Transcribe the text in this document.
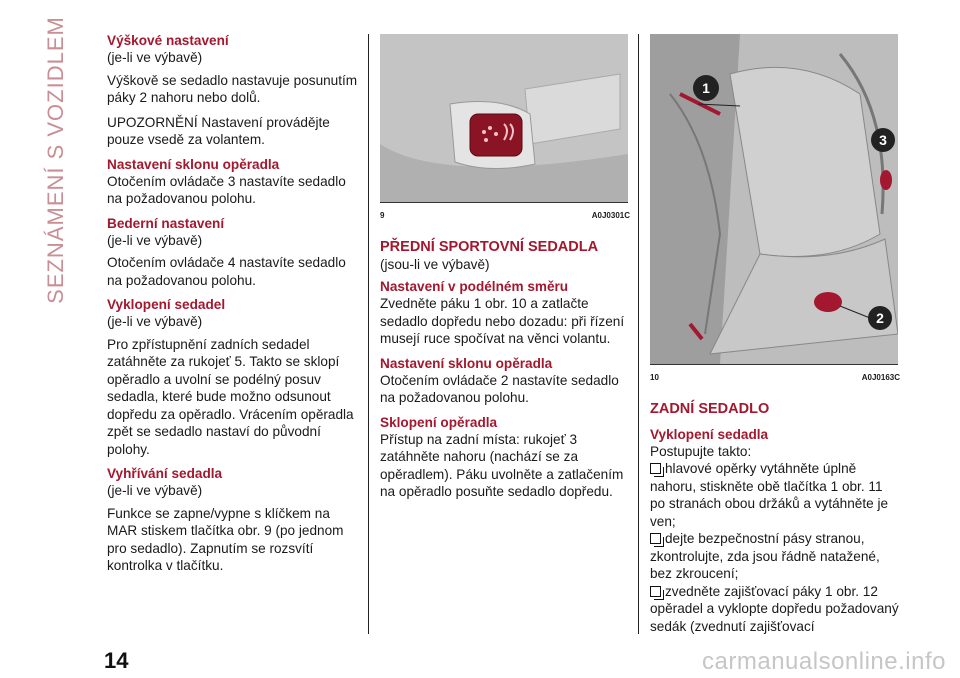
SEZNÁMENÍ S VOZIDLEM	Výškové nastavení

(je-li ve výbavě)

Výškově se sedadlo nastavuje posunutím páky 2 nahoru nebo dolů.

UPOZORNĚNÍ Nastavení provádějte pouze vsedě za volantem.

Nastavení sklonu opěradla

Otočením ovládače 3 nastavíte sedadlo na požadovanou polohu.

Bederní nastavení

(je-li ve výbavě)

Otočením ovládače 4 nastavíte sedadlo na požadovanou polohu.

Vyklopení sedadel

(je-li ve výbavě)

Pro zpřístupnění zadních sedadel zatáhněte za rukojeť 5. Takto se sklopí opěradlo a uvolní se podélný posuv sedadla, které bude možno odsunout dopředu za opěradlo. Vrácením opěradla zpět se sedadlo nastaví do původní polohy.

Vyhřívání sedadla

(je-li ve výbavě)

Funkce se zapne/vypne s klíčkem na MAR stiskem tlačítka obr. 9 (po jednom pro sedadlo). Zapnutím se rozsvítí kontrolka v tlačítku.

9	A0J0301C

PŘEDNÍ SPORTOVNÍ SEDADLA

(jsou-li ve výbavě)

Nastavení v podélném směru

Zvedněte páku 1 obr. 10 a zatlačte sedadlo dopředu nebo dozadu: při řízení musejí ruce spočívat na věnci volantu.

Nastavení sklonu opěradla

Otočením ovládače 2 nastavíte sedadlo na požadovanou polohu.

Sklopení opěradla

Přístup na zadní místa: rukojeť 3 zatáhněte nahoru (nachází se za opěradlem). Páku uvolněte a zatlačením na opěradlo posuňte sedadlo dopředu.

1
3
2
10	A0J0163C

ZADNÍ SEDADLO

Vyklopení sedadla

Postupujte takto:

hlavové opěrky vytáhněte úplně nahoru, stiskněte obě tlačítka 1 obr. 11 po stranách obou držáků a vytáhněte je ven;

dejte bezpečnostní pásy stranou, zkontrolujte, zda jsou řádně natažené, bez zkroucení;

zvedněte zajišťovací páky 1 obr. 12 opěradel a vyklopte dopředu požadovaný sedák (zvednutí zajišťovací

14	carmanualsonline.info
